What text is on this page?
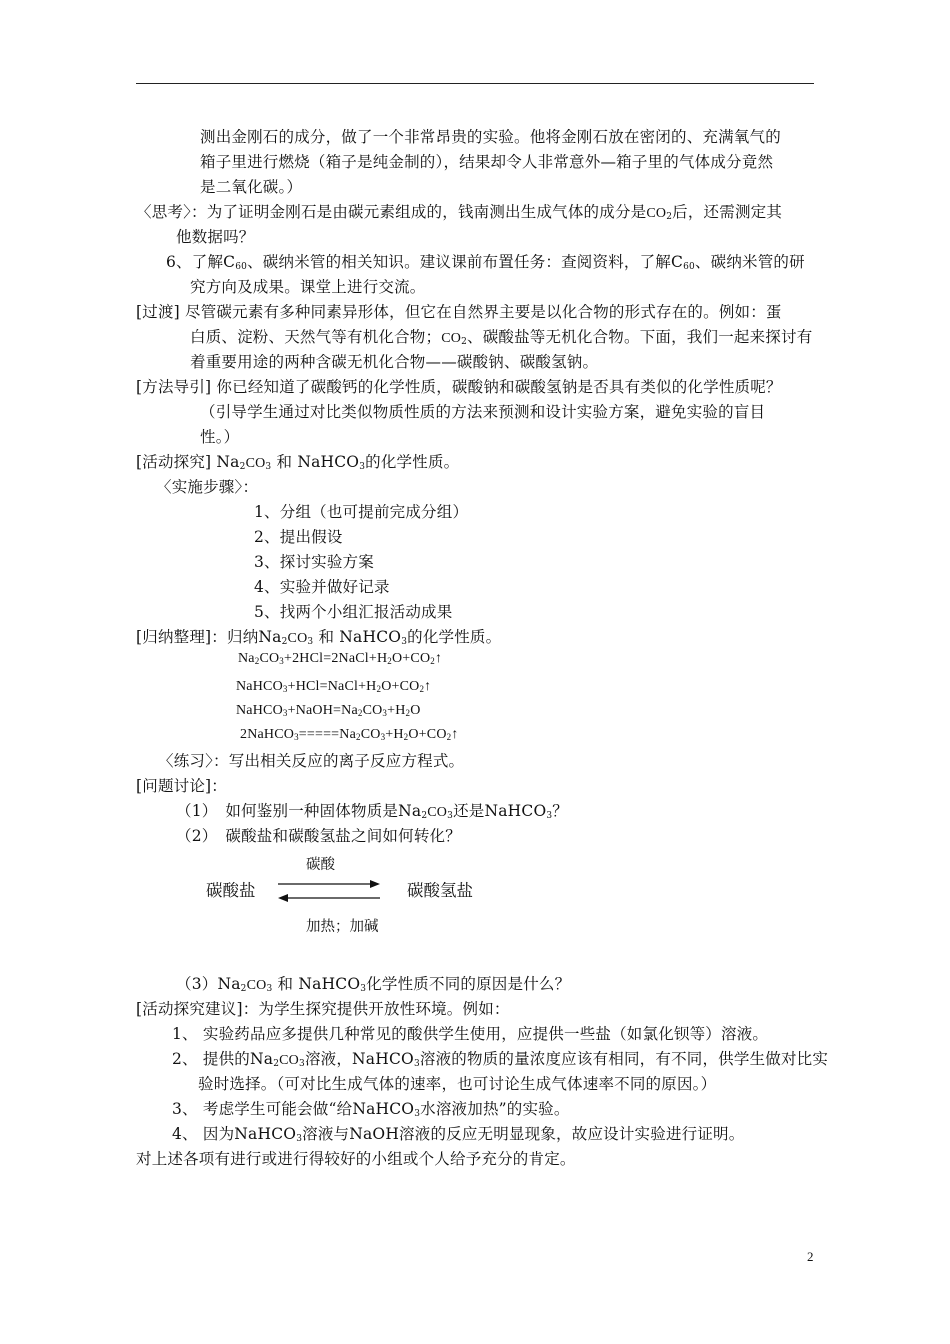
测出金刚石的成分，做了一个非常昂贵的实验。他将金刚石放在密闭的、充满氧气的
箱子里进行燃烧（箱子是纯金制的），结果却令人非常意外—箱子里的气体成分竟然
是二氧化碳。）
〈思考〉：为了证明金刚石是由碳元素组成的，钱南测出生成气体的成分是$CO_2$后，还需测定其
他数据吗？
6、了解$C_{60}$、碳纳米管的相关知识。建议课前布置任务：查阅资料，了解$C_{60}$、碳纳米管的研
究方向及成果。课堂上进行交流。
[过渡] 尽管碳元素有多种同素异形体，但它在自然界主要是以化合物的形式存在的。例如：蛋
白质、淀粉、天然气等有机化合物；$CO_2$、碳酸盐等无机化合物。下面，我们一起来探讨有
着重要用途的两种含碳无机化合物——碳酸钠、碳酸氢钠。
[方法导引] 你已经知道了碳酸钙的化学性质，碳酸钠和碳酸氢钠是否具有类似的化学性质呢？
（引导学生通过对比类似物质性质的方法来预测和设计实验方案，避免实验的盲目
性。）
[活动探究] $Na_2CO_3$ 和 NaHCO$_3$的化学性质。
〈实施步骤〉：
1、分组（也可提前完成分组）
2、提出假设
3、探讨实验方案
4、实验并做好记录
5、找两个小组汇报活动成果
[归纳整理]：归纳$Na_2CO_3$ 和 NaHCO$_3$的化学性质。
$Na_2CO_3+2HCl=2NaCl+H_2O+CO_2↑$
$NaHCO_3+HCl=NaCl+H_2O+CO_2↑$
$NaHCO_3+NaOH=Na_2CO_3+H_2O$
$2NaHCO_3=====Na_2CO_3+H_2O+CO_2↑$
〈练习〉：写出相关反应的离子反应方程式。
[问题讨论]：
（1）　如何鉴别一种固体物质是$Na_2CO_3$还是NaHCO$_3$？
（2）　碳酸盐和碳酸氢盐之间如何转化？
碳酸
碳酸盐	碳酸氢盐
加热；加碱
$(3)Na_2CO_3$ 和 NaHCO$_3$化学性质不同的原因是什么？
[活动探究建议]：为学生探究提供开放性环境。例如：
1、 实验药品应多提供几种常见的酸供学生使用，应提供一些盐（如氯化钡等）溶液。
2、 提供的$Na_2CO_3$溶液，NaHCO$_3$溶液的物质的量浓度应该有相同，有不同，供学生做对比实
验时选择。（可对比生成气体的速率，也可讨论生成气体速率不同的原因。）
3、 考虑学生可能会做“给NaHCO$_3$水溶液加热”的实验。
4、 因为NaHCO$_3$溶液与NaOH溶液的反应无明显现象，故应设计实验进行证明。
对上述各项有进行或进行得较好的小组或个人给予充分的肯定。
2
